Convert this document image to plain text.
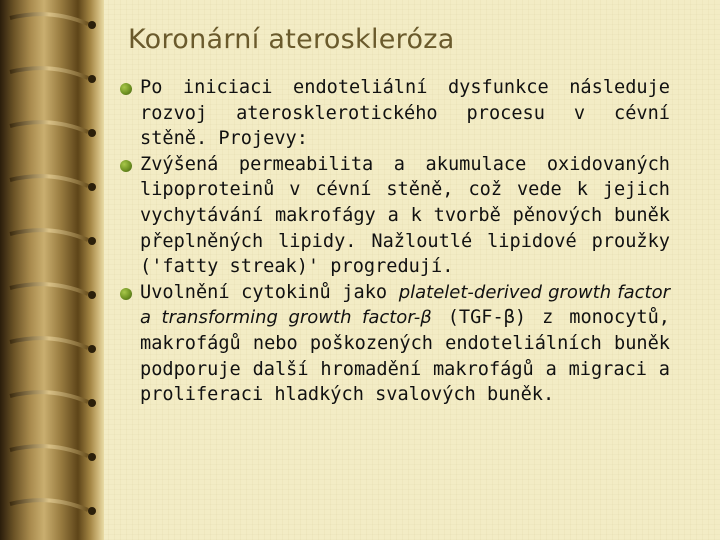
Koronární ateroskleróza
Po iniciaci endoteliální dysfunkce následuje rozvoj aterosklerotického procesu v cévní stěně. Projevy:
Zvýšená permeabilita a akumulace oxidovaných lipoproteinů v cévní stěně, což vede k jejich vychytávání makrofágy a k tvorbě pěnových buněk přeplněných lipidy. Nažloutlé lipidové proužky ('fatty streak)' progredují.
Uvolnění cytokinů jako platelet-derived growth factor a transforming growth factor-β (TGF-β) z monocytů, makrofágů nebo poškozených endoteliálních buněk podporuje další hromadění makrofágů a migraci a proliferaci hladkých svalových buněk.
